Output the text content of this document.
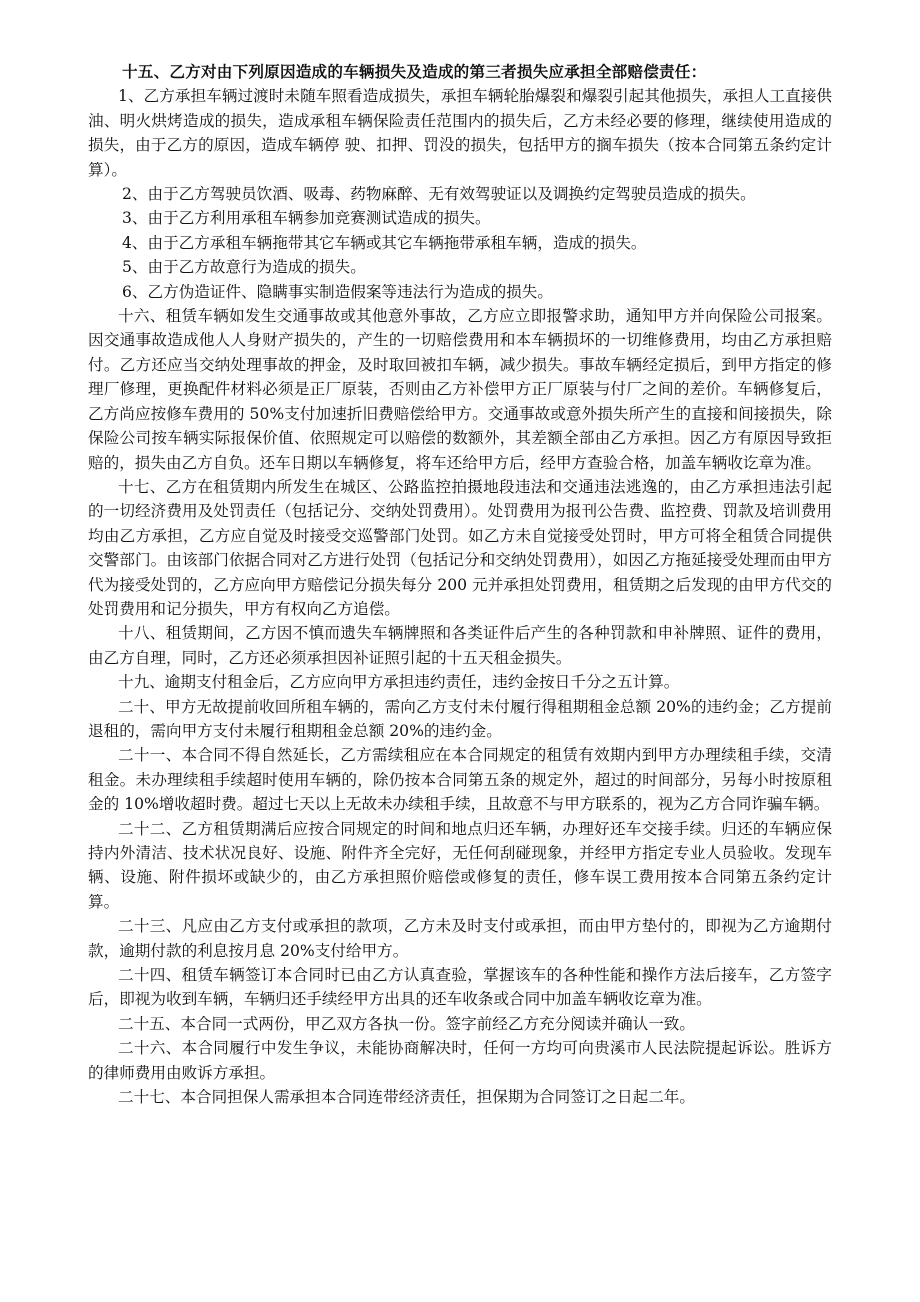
十五、乙方对由下列原因造成的车辆损失及造成的第三者损失应承担全部赔偿责任：

1、乙方承担车辆过渡时未随车照看造成损失，承担车辆轮胎爆裂和爆裂引起其他损失，承担人工直接供油、明火烘烤造成的损失，造成承租车辆保险责任范围内的损失后，乙方未经必要的修理，继续使用造成的损失，由于乙方的原因，造成车辆停 驶、扣押、罚没的损失，包括甲方的搁车损失（按本合同第五条约定计算）。

2、由于乙方驾驶员饮酒、吸毒、药物麻醉、无有效驾驶证以及调换约定驾驶员造成的损失。

3、由于乙方利用承租车辆参加竞赛测试造成的损失。

4、由于乙方承租车辆拖带其它车辆或其它车辆拖带承租车辆，造成的损失。

5、由于乙方故意行为造成的损失。

6、乙方伪造证件、隐瞒事实制造假案等违法行为造成的损失。

十六、租赁车辆如发生交通事故或其他意外事故，乙方应立即报警求助，通知甲方并向保险公司报案。因交通事故造成他人人身财产损失的，产生的一切赔偿费用和本车辆损坏的一切维修费用，均由乙方承担赔付。乙方还应当交纳处理事故的押金，及时取回被扣车辆，减少损失。事故车辆经定损后，到甲方指定的修理厂修理，更换配件材料必须是正厂原装，否则由乙方补偿甲方正厂原装与付厂之间的差价。车辆修复后，乙方尚应按修车费用的 50%支付加速折旧费赔偿给甲方。交通事故或意外损失所产生的直接和间接损失，除保险公司按车辆实际报保价值、依照规定可以赔偿的数额外，其差额全部由乙方承担。因乙方有原因导致拒赔的，损失由乙方自负。还车日期以车辆修复，将车还给甲方后，经甲方查验合格，加盖车辆收讫章为准。

十七、乙方在租赁期内所发生在城区、公路监控拍摄地段违法和交通违法逃逸的，由乙方承担违法引起的一切经济费用及处罚责任（包括记分、交纳处罚费用）。处罚费用为报刊公告费、监控费、罚款及培训费用均由乙方承担，乙方应自觉及时接受交巡警部门处罚。如乙方未自觉接受处罚时，甲方可将全租赁合同提供交警部门。由该部门依据合同对乙方进行处罚（包括记分和交纳处罚费用），如因乙方拖延接受处理而由甲方代为接受处罚的，乙方应向甲方赔偿记分损失每分 200 元并承担处罚费用，租赁期之后发现的由甲方代交的处罚费用和记分损失，甲方有权向乙方追偿。

十八、租赁期间，乙方因不慎而遗失车辆牌照和各类证件后产生的各种罚款和申补牌照、证件的费用，由乙方自理，同时，乙方还必须承担因补证照引起的十五天租金损失。

十九、逾期支付租金后，乙方应向甲方承担违约责任，违约金按日千分之五计算。

二十、甲方无故提前收回所租车辆的，需向乙方支付未付履行得租期租金总额 20%的违约金；乙方提前退租的，需向甲方支付未履行租期租金总额 20%的违约金。

二十一、本合同不得自然延长，乙方需续租应在本合同规定的租赁有效期内到甲方办理续租手续，交清租金。未办理续租手续超时使用车辆的，除仍按本合同第五条的规定外，超过的时间部分，另每小时按原租金的 10%增收超时费。超过七天以上无故未办续租手续，且故意不与甲方联系的，视为乙方合同诈骗车辆。

二十二、乙方租赁期满后应按合同规定的时间和地点归还车辆，办理好还车交接手续。归还的车辆应保持内外清洁、技术状况良好、设施、附件齐全完好，无任何刮碰现象，并经甲方指定专业人员验收。发现车辆、设施、附件损坏或缺少的，由乙方承担照价赔偿或修复的责任，修车误工费用按本合同第五条约定计算。

二十三、凡应由乙方支付或承担的款项，乙方未及时支付或承担，而由甲方垫付的，即视为乙方逾期付款，逾期付款的利息按月息 20%支付给甲方。

二十四、租赁车辆签订本合同时已由乙方认真查验，掌握该车的各种性能和操作方法后接车，乙方签字后，即视为收到车辆，车辆归还手续经甲方出具的还车收条或合同中加盖车辆收讫章为准。

二十五、本合同一式两份，甲乙双方各执一份。签字前经乙方充分阅读并确认一致。

二十六、本合同履行中发生争议，未能协商解决时，任何一方均可向贵溪市人民法院提起诉讼。胜诉方的律师费用由败诉方承担。

二十七、本合同担保人需承担本合同连带经济责任，担保期为合同签订之日起二年。
